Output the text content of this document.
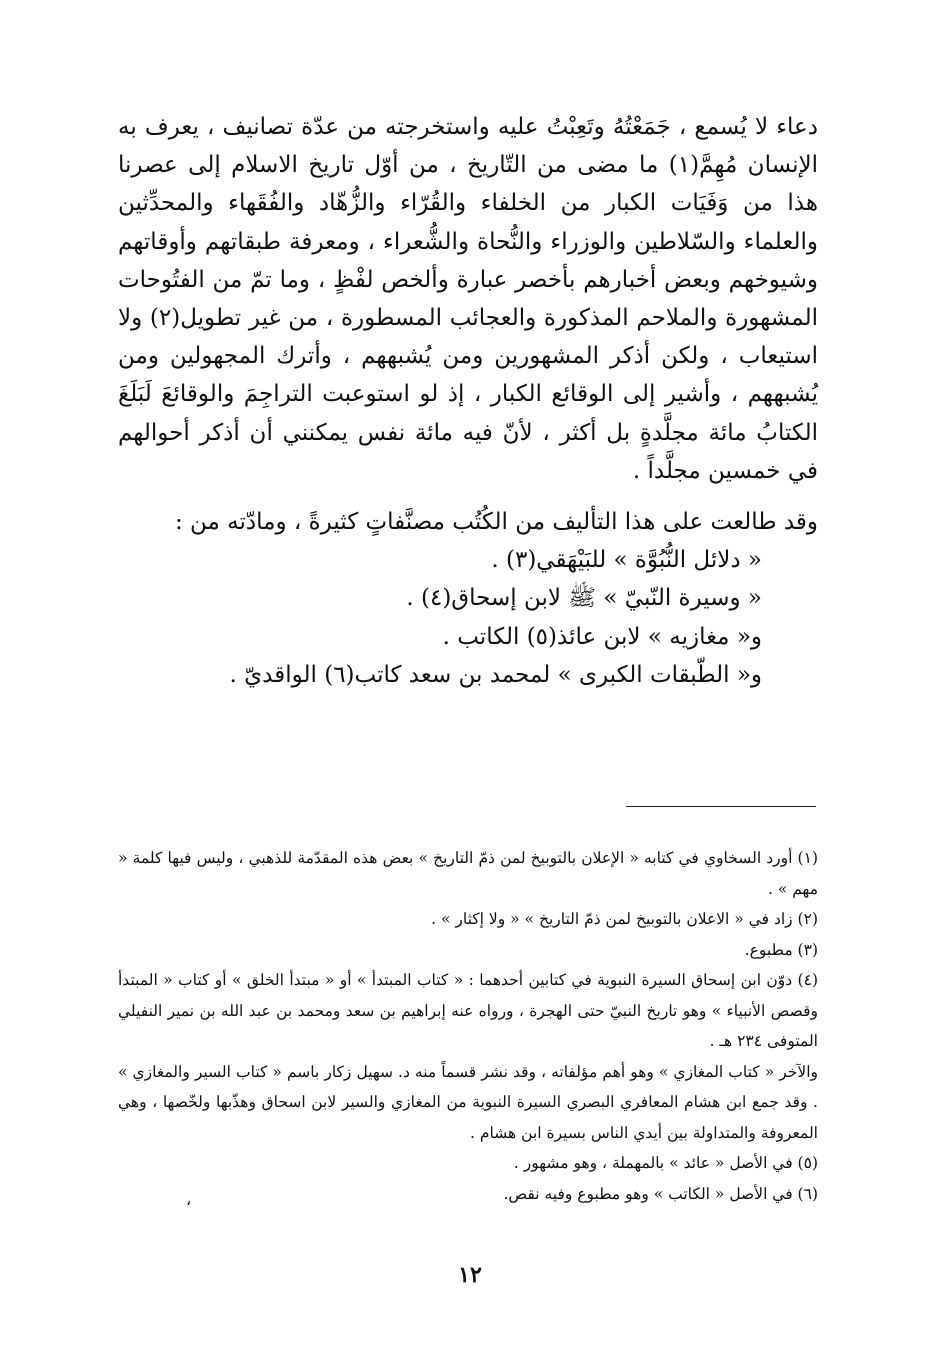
دعاء لا يُسمع ، جَمَعْتُهُ وتَعِبْتُ عليه واستخرجته من عدّة تصانيف ، يعرف به الإنسان مُهِمَّ(١) ما مضى من التّاريخ ، من أوّل تاريخ الاسلام إلى عصرنا هذا من وَفَيَات الكبار من الخلفاء والقُرّاء والزُّهّاد والفُقَهاء والمحدِّثين والعلماء والسّلاطين والوزراء والنُّحاة والشُّعراء ، ومعرفة طبقاتهم وأوقاتهم وشيوخهم وبعض أخبارهم بأخصر عبارة وألخص لفْظٍ ، وما تمّ من الفتُوحات المشهورة والملاحم المذكورة والعجائب المسطورة ، من غير تطويل(٢) ولا استيعاب ، ولكن أذكر المشهورين ومن يُشبههم ، وأترك المجهولين ومن يُشبههم ، وأشير إلى الوقائع الكبار ، إذ لو استوعبت التراجِمَ والوقائعَ لَبَلَغَ الكتابُ مائة مجلَّدةٍ بل أكثر ، لأنّ فيه مائة نفس يمكنني أن أذكر أحوالهم في خمسين مجلَّداً .

وقد طالعت على هذا التأليف من الكُتُب مصنَّفاتٍ كثيرةً ، ومادّته من :

« دلائل النُّبُوَّة » للبَيْهَقي(٣) .

« وسيرة النّبيّ » ﷺ لابن إسحاق(٤) .

و« مغازيه » لابن عائذ(٥) الكاتب .

و« الطّبقات الكبرى » لمحمد بن سعد كاتب(٦) الواقديّ .

(١) أورد السخاوي في كتابه « الإعلان بالتوبيخ لمن ذمّ التاريخ » بعض هذه المقدّمة للذهبي ، وليس فيها كلمة « مهم » .

(٢) زاد في « الاعلان بالتوبيخ لمن ذمّ التاريخ » « ولا إكثار » .

(٣) مطبوع.

(٤) دوّن ابن إسحاق السيرة النبوية في كتابين أحدهما : « كتاب المبتدأ » أو « مبتدأ الخلق » أو كتاب « المبتدأ وقصص الأنبياء » وهو تاريخ النبيّ حتى الهجرة ، ورواه عنه إبراهيم بن سعد ومحمد بن عبد الله بن نمير النفيلي المتوفى ٢٣٤ هـ .

والآخر « كتاب المغازي » وهو أهم مؤلفاته ، وقد نشر قسماً منه د. سهيل زكار باسم « كتاب السير والمغازي » . وقد جمع ابن هشام المعافري البصري السيرة النبوية من المغازي والسير لابن اسحاق وهذّبها ولخّصها ، وهي المعروفة والمتداولة بين أيدي الناس بسيرة ابن هشام .

(٥) في الأصل « عائد » بالمهملة ، وهو مشهور .

(٦) في الأصل « الكاتب » وهو مطبوع وفيه نقص.

،
١٢
